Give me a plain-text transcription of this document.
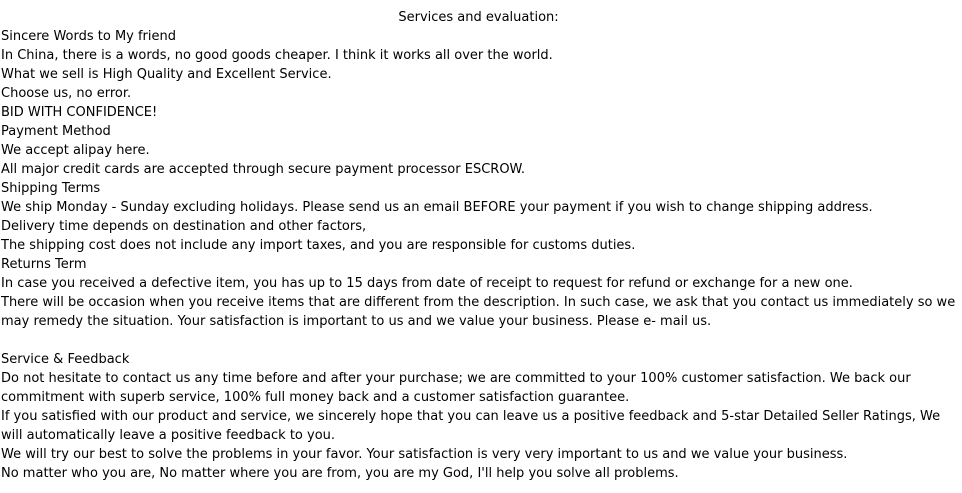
Services and evaluation:
Sincere Words to My friend
In China, there is a words, no good goods cheaper. I think it works all over the world.
What we sell is High Quality and Excellent Service.
Choose us, no error.
BID WITH CONFIDENCE!
Payment Method
We accept alipay here.
All major credit cards are accepted through secure payment processor ESCROW.
Shipping Terms
We ship Monday - Sunday excluding holidays. Please send us an email BEFORE your payment if you wish to change shipping address.
Delivery time depends on destination and other factors,
The shipping cost does not include any import taxes, and you are responsible for customs duties.
Returns Term
In case you received a defective item, you has up to 15 days from date of receipt to request for refund or exchange for a new one.
There will be occasion when you receive items that are different from the description. In such case, we ask that you contact us immediately so we may remedy the situation. Your satisfaction is important to us and we value your business. Please e- mail us.
Service & Feedback
Do not hesitate to contact us any time before and after your purchase; we are committed to your 100% customer satisfaction. We back our commitment with superb service, 100% full money back and a customer satisfaction guarantee.
If you satisfied with our product and service, we sincerely hope that you can leave us a positive feedback and 5-star Detailed Seller Ratings, We will automatically leave a positive feedback to you.
We will try our best to solve the problems in your favor. Your satisfaction is very very important to us and we value your business.
No matter who you are, No matter where you are from, you are my God, I'll help you solve all problems.
